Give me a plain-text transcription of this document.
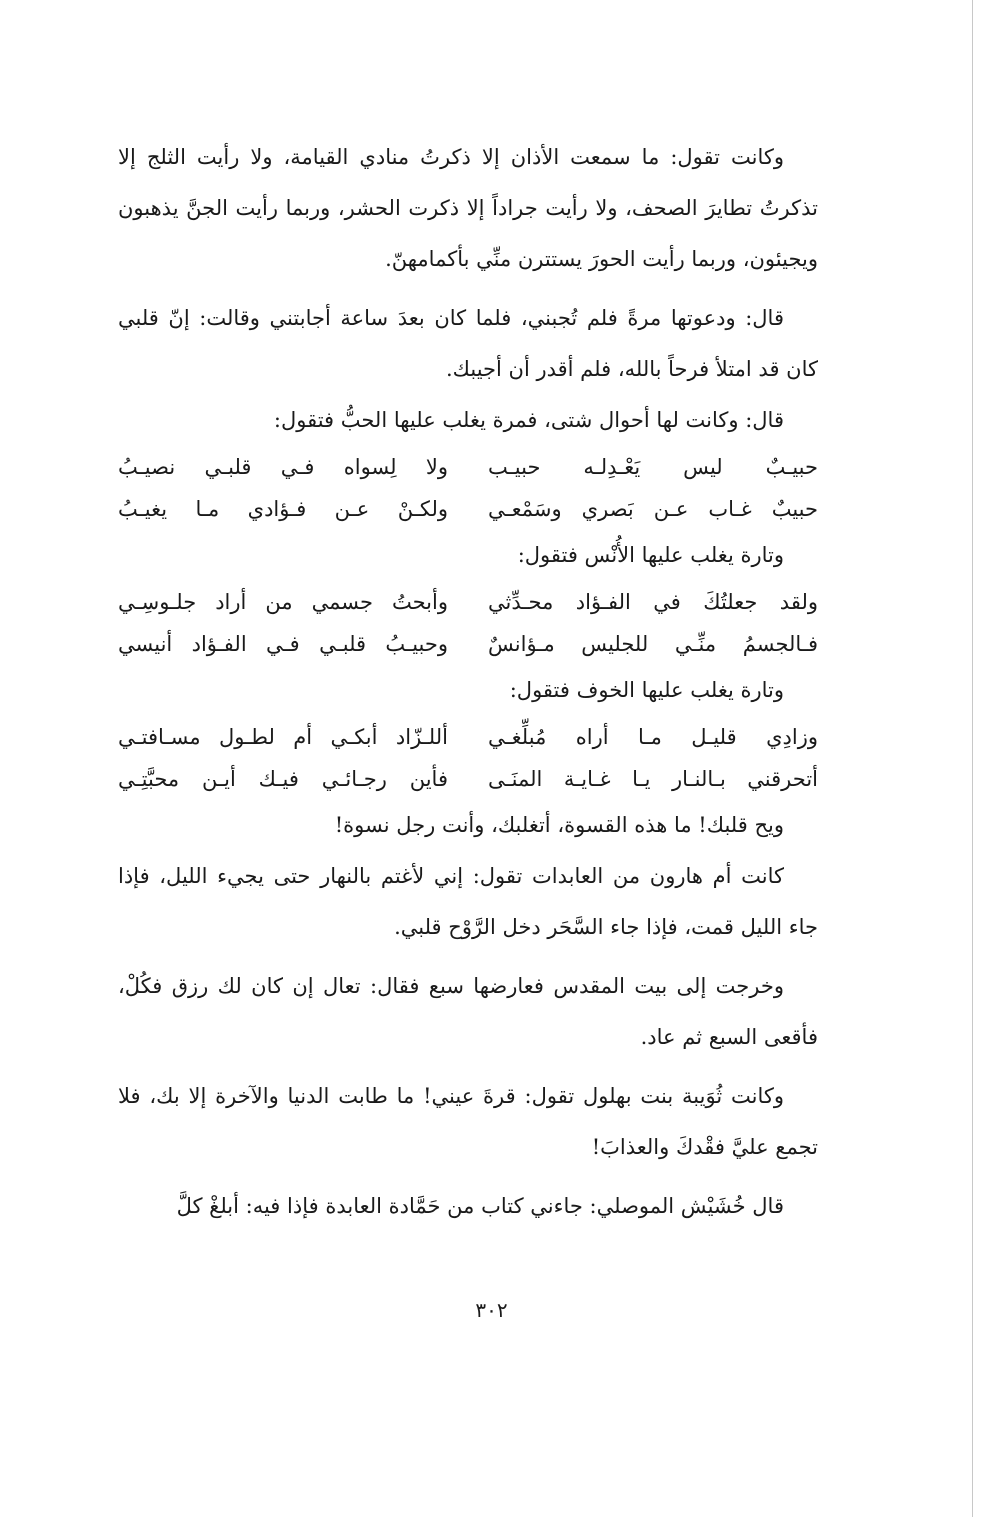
وكانت تقول: ما سمعت الأذان إلا ذكرتُ منادي القيامة، ولا رأيت الثلج إلا تذكرتُ تطايرَ الصحف، ولا رأيت جراداً إلا ذكرت الحشر، وربما رأيت الجنَّ يذهبون ويجيئون، وربما رأيت الحورَ يستترن منِّي بأكمامهنّ.

قال: ودعوتها مرةً فلم تُجبني، فلما كان بعدَ ساعة أجابتني وقالت: إنّ قلبي كان قد امتلأ فرحاً بالله، فلم أقدر أن أجيبك.

قال: وكانت لها أحوال شتى، فمرة يغلب عليها الحبُّ فتقول:

حبيـبٌ ليس يَعْـدِلـه حبيـب
ولا لِسواه فـي قلبـي نصيـبُ
حبيبٌ غـاب عـن بَصري وسَمْعـي
ولكـنْ عـن فـؤادي مـا يغيـبُ

وتارة يغلب عليها الأُنْس فتقول:

ولقد جعلتُكَ في الفـؤاد محـدِّثي
وأبحتُ جسمي من أراد جلـوسِـي
فـالجسمُ منِّـي للجليس مـؤانسٌ
وحبيـبُ قلبـي فـي الفـؤاد أنيسي

وتارة يغلب عليها الخوف فتقول:

وزادِي قليـل مـا أراه مُبلِّغـي
أللـزّاد أبكـي أم لطـول مسـافتـي
أتحرقني بـالنـار يـا غـايـة المنَـى
فأين رجـائـي فيـك أيـن محبَّتِـي

ويح قلبك! ما هذه القسوة، أتغلبك، وأنت رجل نسوة!

كانت أم هارون من العابدات تقول: إني لأغتم بالنهار حتى يجيء الليل، فإذا جاء الليل قمت، فإذا جاء السَّحَر دخل الرَّوْح قلبي.

وخرجت إلى بيت المقدس فعارضها سبع فقال: تعال إن كان لك رزق فكُلْ، فأقعى السبع ثم عاد.

وكانت ثُوَيبة بنت بهلول تقول: قرةَ عيني! ما طابت الدنيا والآخرة إلا بك، فلا تجمع عليَّ فقْدكَ والعذابَ!

قال خُشَيْش الموصلي: جاءني كتاب من حَمَّادة العابدة فإذا فيه: أبلغْ كلَّ

٣٠٢
